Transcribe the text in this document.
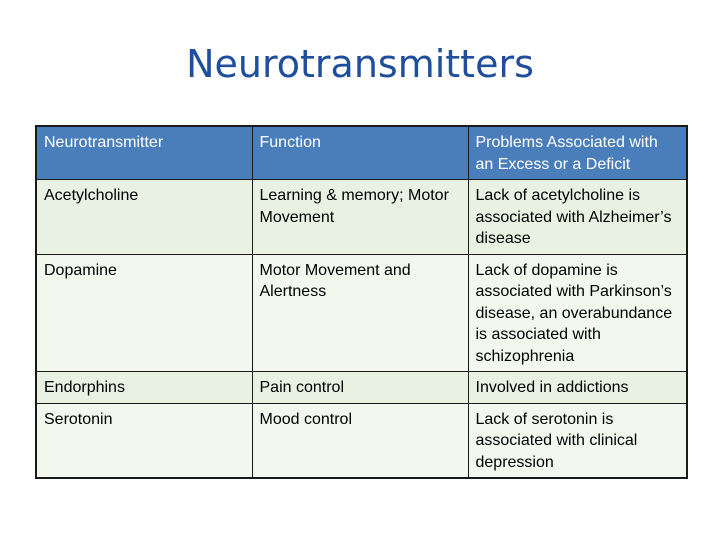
Neurotransmitters
Neurotransmitter	Function	Problems Associated with an Excess or a Deficit
Acetylcholine	Learning & memory; Motor Movement	Lack of acetylcholine is associated with Alzheimer’s disease
Dopamine	Motor Movement and Alertness	Lack of dopamine is associated with Parkinson’s disease, an overabundance is associated with schizophrenia
Endorphins	Pain control	Involved in addictions
Serotonin	Mood control	Lack of serotonin is associated with clinical depression
